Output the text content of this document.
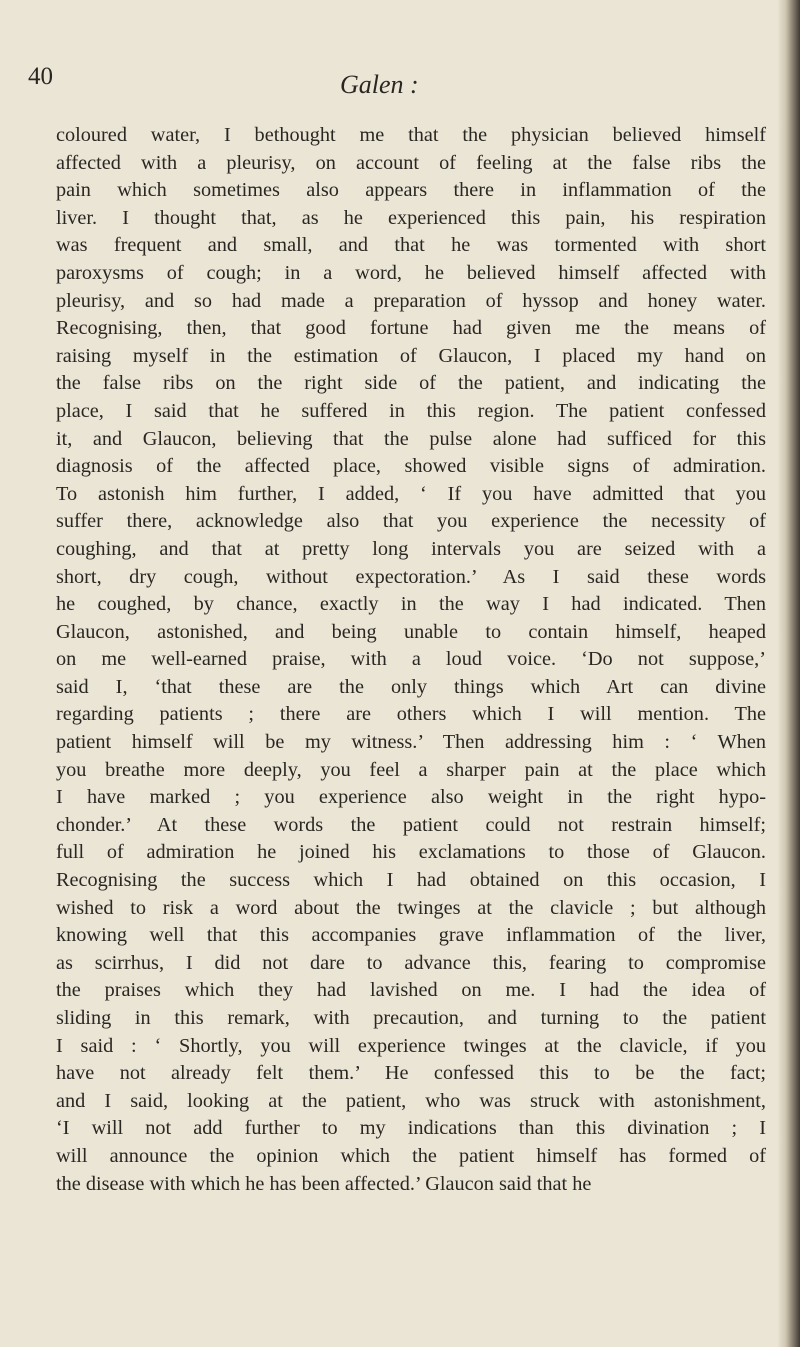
40	Galen :

coloured water, I bethought me that the physician believed himself
affected with a pleurisy, on account of feeling at the false ribs the
pain which sometimes also appears there in inflammation of the
liver. I thought that, as he experienced this pain, his respiration
was frequent and small, and that he was tormented with short
paroxysms of cough; in a word, he believed himself affected with
pleurisy, and so had made a preparation of hyssop and honey water.
Recognising, then, that good fortune had given me the means of
raising myself in the estimation of Glaucon, I placed my hand on
the false ribs on the right side of the patient, and indicating the
place, I said that he suffered in this region. The patient confessed
it, and Glaucon, believing that the pulse alone had sufficed for this
diagnosis of the affected place, showed visible signs of admiration.
To astonish him further, I added, ‘ If you have admitted that you
suffer there, acknowledge also that you experience the necessity of
coughing, and that at pretty long intervals you are seized with a
short, dry cough, without expectoration.’ As I said these words
he coughed, by chance, exactly in the way I had indicated. Then
Glaucon, astonished, and being unable to contain himself, heaped
on me well-earned praise, with a loud voice. ‘Do not suppose,’
said I, ‘that these are the only things which Art can divine
regarding patients ; there are others which I will mention. The
patient himself will be my witness.’ Then addressing him : ‘ When
you breathe more deeply, you feel a sharper pain at the place which
I have marked ; you experience also weight in the right hypo-
chonder.’ At these words the patient could not restrain himself;
full of admiration he joined his exclamations to those of Glaucon.
Recognising the success which I had obtained on this occasion, I
wished to risk a word about the twinges at the clavicle ; but although
knowing well that this accompanies grave inflammation of the liver,
as scirrhus, I did not dare to advance this, fearing to compromise
the praises which they had lavished on me. I had the idea of
sliding in this remark, with precaution, and turning to the patient
I said : ‘ Shortly, you will experience twinges at the clavicle, if you
have not already felt them.’ He confessed this to be the fact;
and I said, looking at the patient, who was struck with astonishment,
‘I will not add further to my indications than this divination ; I
will announce the opinion which the patient himself has formed of
the disease with which he has been affected.’ Glaucon said that he
